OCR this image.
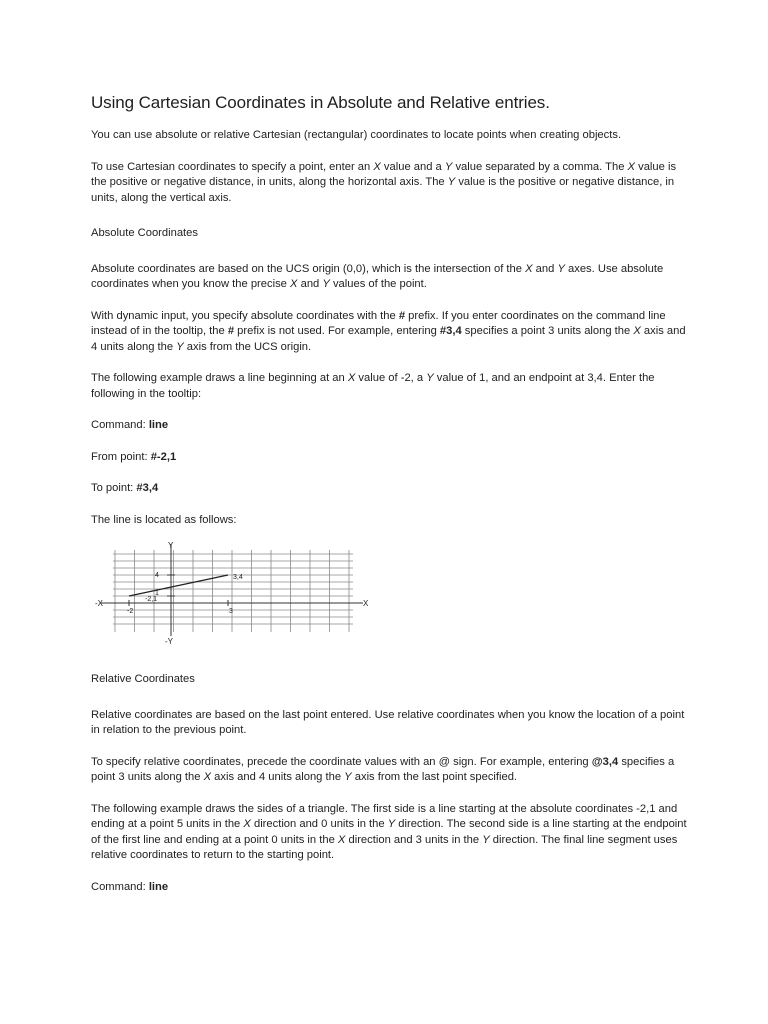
Using Cartesian Coordinates in Absolute and Relative entries.

You can use absolute or relative Cartesian (rectangular) coordinates to locate points when creating objects.

To use Cartesian coordinates to specify a point, enter an X value and a Y value separated by a comma. The X value is the positive or negative distance, in units, along the horizontal axis. The Y value is the positive or negative distance, in units, along the vertical axis.

Absolute Coordinates

Absolute coordinates are based on the UCS origin (0,0), which is the intersection of the X and Y axes. Use absolute coordinates when you know the precise X and Y values of the point.

With dynamic input, you specify absolute coordinates with the # prefix. If you enter coordinates on the command line instead of in the tooltip, the # prefix is not used. For example, entering #3,4 specifies a point 3 units along the X axis and 4 units along the Y axis from the UCS origin.

The following example draws a line beginning at an X value of -2, a Y value of 1, and an endpoint at 3,4. Enter the following in the tooltip:

Command: line

From point: #-2,1

To point: #3,4

The line is located as follows:

Y
-Y
X
-X
4	3,4
-2,1
1
-2	3

Relative Coordinates

Relative coordinates are based on the last point entered. Use relative coordinates when you know the location of a point in relation to the previous point.

To specify relative coordinates, precede the coordinate values with an @ sign. For example, entering @3,4 specifies a point 3 units along the X axis and 4 units along the Y axis from the last point specified.

The following example draws the sides of a triangle. The first side is a line starting at the absolute coordinates -2,1 and ending at a point 5 units in the X direction and 0 units in the Y direction. The second side is a line starting at the endpoint of the first line and ending at a point 0 units in the X direction and 3 units in the Y direction. The final line segment uses relative coordinates to return to the starting point.

Command: line
